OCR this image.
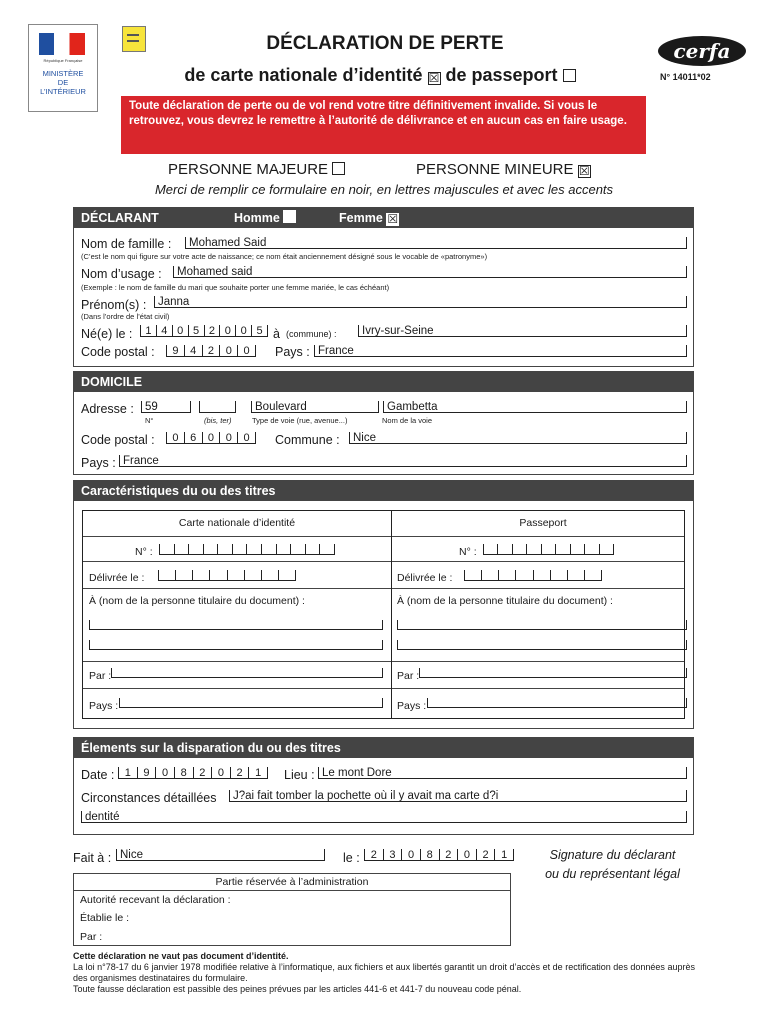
République Française
MINISTÈRE
DE
L’INTÉRIEUR
DÉCLARATION DE PERTE
de carte nationale d’identité ☒ de passeport
cerfa
N° 14011*02
Toute déclaration de perte ou de vol rend votre titre définitivement invalide. Si vous le retrouvez, vous devrez le remettre à l’autorité de délivrance et en aucun cas en faire usage.
PERSONNE MAJEURE	PERSONNE MINEURE ☒
Merci de remplir ce formulaire en noir, en lettres majuscules et avec les accents
DÉCLARANT	Homme	Femme ☒
Nom de famille :	Mohamed Said
(C’est le nom qui figure sur votre acte de naissance; ce nom était anciennement désigné sous le vocable de «patronyme»)
Nom d’usage :	Mohamed said
(Exemple : le nom de famille du mari que souhaite porter une femme mariée, le cas échéant)
Prénom(s) :	Janna
(Dans l’ordre de l’état civil)
Né(e) le :	1 4 0 5 2 0 0 5 à (commune) :	Ivry-sur-Seine
Code postal :	9	4	2	0	0	Pays : France
DOMICILE
Adresse : 59	Boulevard	Gambetta
N°	(bis, ter)	Type de voie (rue, avenue...)	Nom de la voie
Code postal :	0	6	0	0	0	Commune :	Nice
Pays : France
Caractéristiques du ou des titres
Carte nationale d’identité	Passeport
N° :	N° :
Délivrée le :	Délivrée le :
À (nom de la personne titulaire du document) :	À (nom de la personne titulaire du document) :
Par :	Par :
Pays :	Pays :
Élements sur la disparation du ou des titres
Date : 1	9	0	8	2	0	2	1	Lieu : Le mont Dore
Circonstances détaillées	J?ai fait tomber la pochette où il y avait ma carte d?i
dentité
Fait à : Nice	le :	2	3	0	8	2	0	2	1	Signature du déclarant
ou du représentant légal
Partie réservée à l’administration
Autorité recevant la déclaration :
Établie le :
Par :
Cette déclaration ne vaut pas document d’identité.
La loi n°78-17 du 6 janvier 1978 modifiée relative à l’informatique, aux fichiers et aux libertés garantit un droit d’accès et de rectification des données auprès des organismes destinataires du formulaire.
Toute fausse déclaration est passible des peines prévues par les articles 441-6 et 441-7 du nouveau code pénal.
